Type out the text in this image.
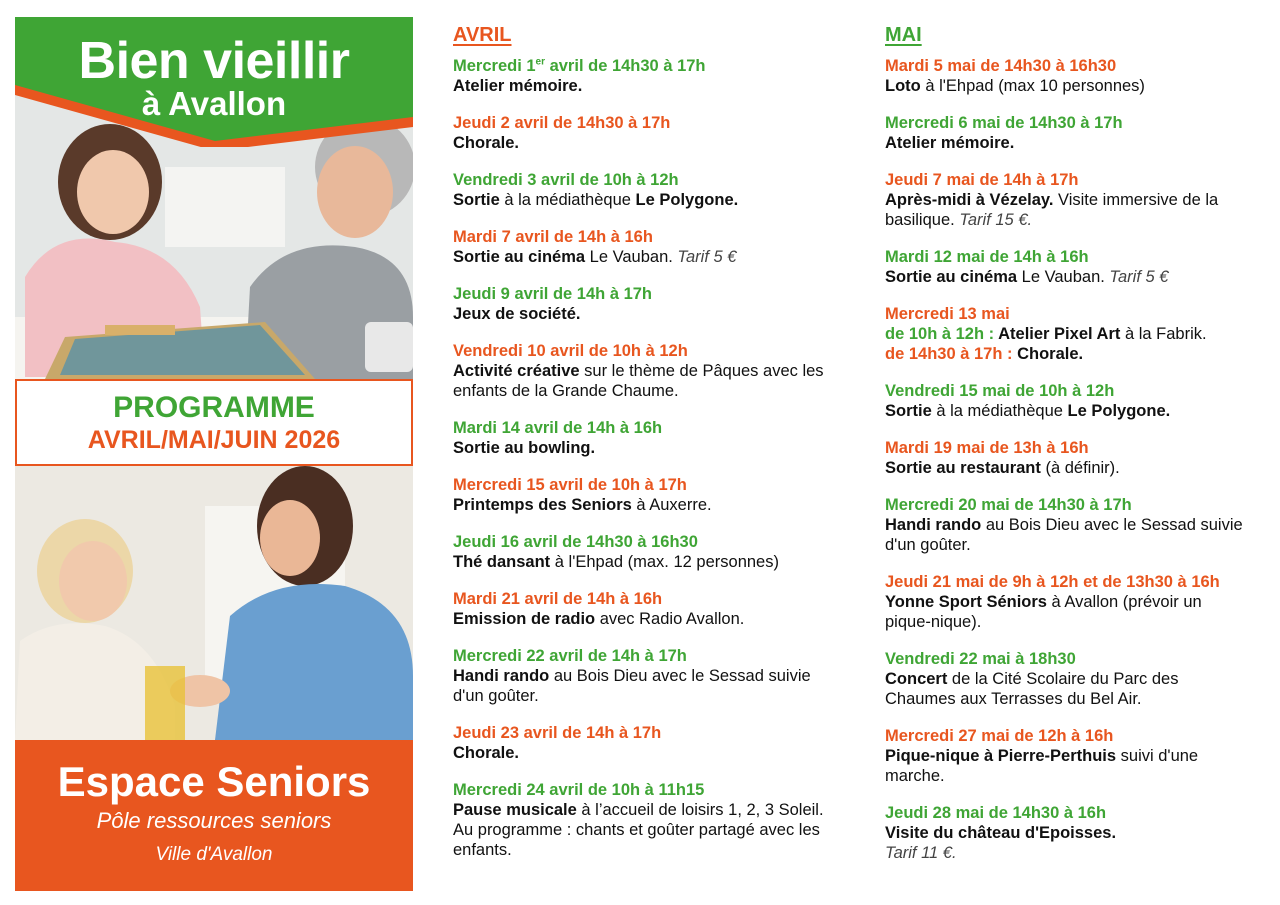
Bien vieillir
à Avallon
PROGRAMME
AVRIL/MAI/JUIN 2026
Espace Seniors
Pôle ressources seniors
Ville d'Avallon
AVRIL
Mercredi 1er avril de 14h30 à 17h
Atelier mémoire.
Jeudi 2 avril de 14h30 à 17h
Chorale.
Vendredi 3 avril de 10h à 12h
Sortie à la médiathèque Le Polygone.
Mardi 7 avril de 14h à 16h
Sortie au cinéma Le Vauban. Tarif 5 €
Jeudi 9 avril de 14h à 17h
Jeux de société.
Vendredi 10 avril de 10h à 12h
Activité créative sur le thème de Pâques avec les enfants de la Grande Chaume.
Mardi 14 avril de 14h à 16h
Sortie au bowling.
Mercredi 15 avril de 10h à 17h
Printemps des Seniors à Auxerre.
Jeudi 16 avril de 14h30 à 16h30
Thé dansant à l'Ehpad (max. 12 personnes)
Mardi 21 avril de 14h à 16h
Emission de radio avec Radio Avallon.
Mercredi 22 avril de 14h à 17h
Handi rando au Bois Dieu avec le Sessad suivie d'un goûter.
Jeudi 23 avril de 14h à 17h
Chorale.
Mercredi 24 avril de 10h à 11h15
Pause musicale à l’accueil de loisirs 1, 2, 3 Soleil. Au programme : chants et goûter partagé avec les enfants.
MAI
Mardi 5 mai de 14h30 à 16h30
Loto à l'Ehpad (max 10 personnes)
Mercredi 6 mai de 14h30 à 17h
Atelier mémoire.
Jeudi 7 mai de 14h à 17h
Après-midi à Vézelay. Visite immersive de la basilique. Tarif 15 €.
Mardi 12 mai de 14h à 16h
Sortie au cinéma Le Vauban. Tarif 5 €
Mercredi 13 mai
de 10h à 12h : Atelier Pixel Art à la Fabrik.
de 14h30 à 17h : Chorale.
Vendredi 15 mai de 10h à 12h
Sortie à la médiathèque Le Polygone.
Mardi 19 mai de 13h à 16h
Sortie au restaurant (à définir).
Mercredi 20 mai de 14h30 à 17h
Handi rando au Bois Dieu avec le Sessad suivie d'un goûter.
Jeudi 21 mai de 9h à 12h et de 13h30 à 16h
Yonne Sport Séniors à Avallon (prévoir un pique-nique).
Vendredi 22 mai à 18h30
Concert de la Cité Scolaire du Parc des Chaumes aux Terrasses du Bel Air.
Mercredi 27 mai de 12h à 16h
Pique-nique à Pierre-Perthuis suivi d'une marche.
Jeudi 28 mai de 14h30 à 16h
Visite du château d'Epoisses.
Tarif 11 €.
